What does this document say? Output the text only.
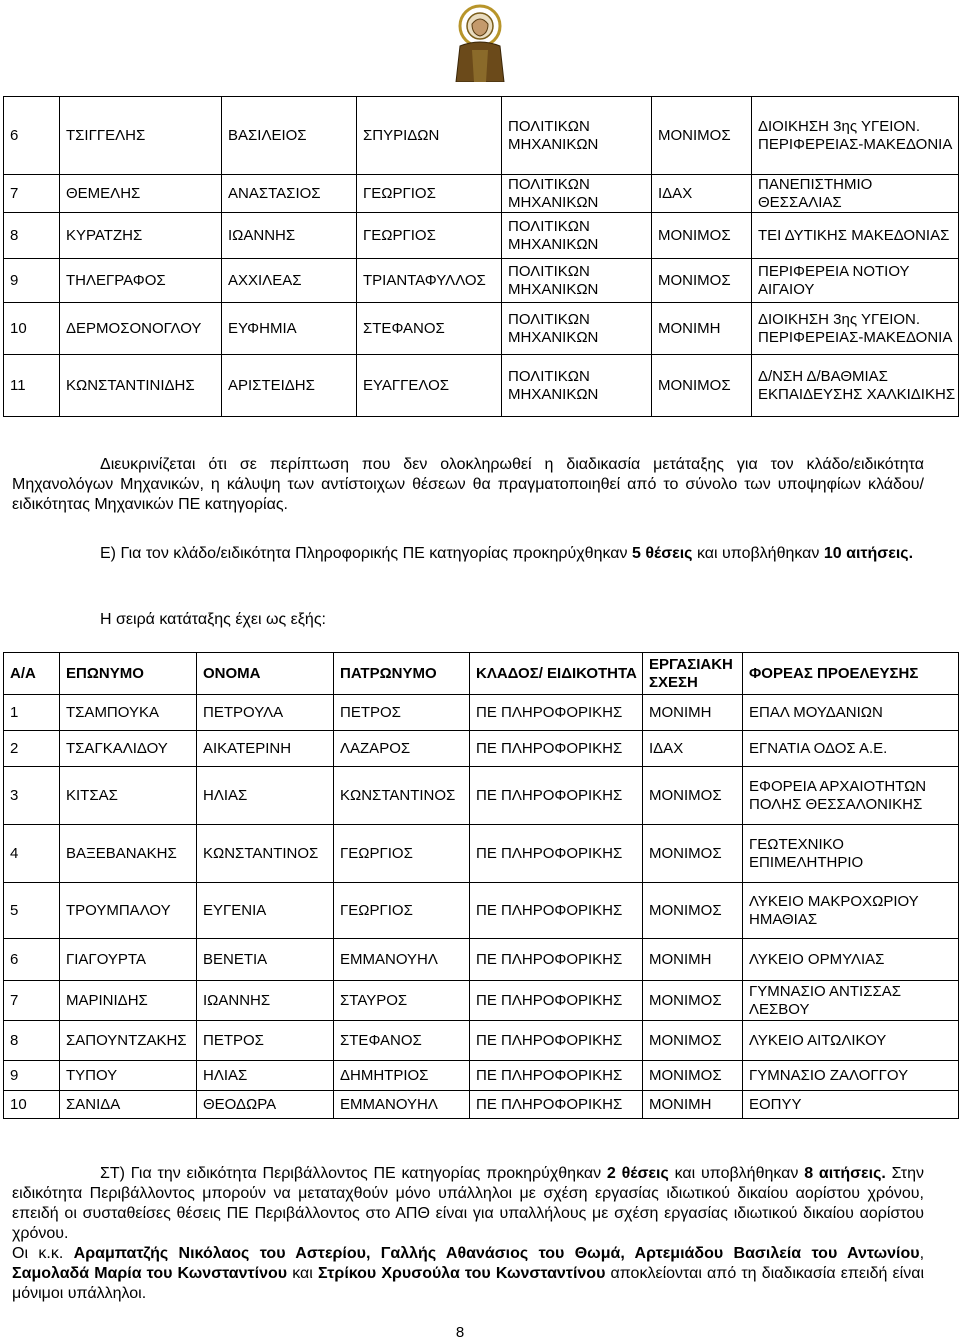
6	ΤΣΙΓΓΕΛΗΣ	ΒΑΣΙΛΕΙΟΣ	ΣΠΥΡΙΔΩΝ	ΠΟΛΙΤΙΚΩΝ ΜΗΧΑΝΙΚΩΝ	ΜΟΝΙΜΟΣ	ΔΙΟΙΚΗΣΗ 3ης ΥΓΕΙΟΝ. ΠΕΡΙΦΕΡΕΙΑΣ-ΜΑΚΕΔΟΝΙΑ
7	ΘΕΜΕΛΗΣ	ΑΝΑΣΤΑΣΙΟΣ	ΓΕΩΡΓΙΟΣ	ΠΟΛΙΤΙΚΩΝ ΜΗΧΑΝΙΚΩΝ	ΙΔΑΧ	ΠΑΝΕΠΙΣΤΗΜΙΟ ΘΕΣΣΑΛΙΑΣ
8	ΚΥΡΑΤΖΗΣ	ΙΩΑΝΝΗΣ	ΓΕΩΡΓΙΟΣ	ΠΟΛΙΤΙΚΩΝ ΜΗΧΑΝΙΚΩΝ	ΜΟΝΙΜΟΣ	ΤΕΙ ΔΥΤΙΚΗΣ ΜΑΚΕΔΟΝΙΑΣ
9	ΤΗΛΕΓΡΑΦΟΣ	ΑΧΧΙΛΕΑΣ	ΤΡΙΑΝΤΑΦΥΛΛΟΣ	ΠΟΛΙΤΙΚΩΝ ΜΗΧΑΝΙΚΩΝ	ΜΟΝΙΜΟΣ	ΠΕΡΙΦΕΡΕΙΑ ΝΟΤΙΟΥ ΑΙΓΑΙΟΥ
10	ΔΕΡΜΟΣΟΝΟΓΛΟΥ	ΕΥΦΗΜΙΑ	ΣΤΕΦΑΝΟΣ	ΠΟΛΙΤΙΚΩΝ ΜΗΧΑΝΙΚΩΝ	ΜΟΝΙΜΗ	ΔΙΟΙΚΗΣΗ 3ης ΥΓΕΙΟΝ. ΠΕΡΙΦΕΡΕΙΑΣ-ΜΑΚΕΔΟΝΙΑ
11	ΚΩΝΣΤΑΝΤΙΝΙΔΗΣ	ΑΡΙΣΤΕΙΔΗΣ	ΕΥΑΓΓΕΛΟΣ	ΠΟΛΙΤΙΚΩΝ ΜΗΧΑΝΙΚΩΝ	ΜΟΝΙΜΟΣ	Δ/ΝΣΗ Δ/ΒΑΘΜΙΑΣ ΕΚΠΑΙΔΕΥΣΗΣ ΧΑΛΚΙΔΙΚΗΣ
Διευκρινίζεται ότι σε περίπτωση που δεν ολοκληρωθεί η διαδικασία μετάταξης για τον κλάδο/ειδικότητα Μηχανολόγων Μηχανικών, η κάλυψη των αντίστοιχων θέσεων θα πραγματοποιηθεί από το σύνολο των υποψηφίων κλάδου/ειδικότητας Μηχανικών ΠΕ κατηγορίας.
Ε) Για τον κλάδο/ειδικότητα Πληροφορικής ΠΕ κατηγορίας προκηρύχθηκαν 5 θέσεις και υποβλήθηκαν 10 αιτήσεις.
Η σειρά κατάταξης έχει ως εξής:
Α/Α	ΕΠΩΝΥΜΟ	ΟΝΟΜΑ	ΠΑΤΡΩΝΥΜΟ	ΚΛΑΔΟΣ/ ΕΙΔΙΚΟΤΗΤΑ	ΕΡΓΑΣΙΑΚΗ ΣΧΕΣΗ	ΦΟΡΕΑΣ ΠΡΟΕΛΕΥΣΗΣ
1	ΤΣΑΜΠΟΥΚΑ	ΠΕΤΡΟΥΛΑ	ΠΕΤΡΟΣ	ΠΕ ΠΛΗΡΟΦΟΡΙΚΗΣ	ΜΟΝΙΜΗ	ΕΠΑΛ ΜΟΥΔΑΝΙΩΝ
2	ΤΣΑΓΚΑΛΙΔΟΥ	ΑΙΚΑΤΕΡΙΝΗ	ΛΑΖΑΡΟΣ	ΠΕ ΠΛΗΡΟΦΟΡΙΚΗΣ	ΙΔΑΧ	ΕΓΝΑΤΙΑ ΟΔΟΣ Α.Ε.
3	ΚΙΤΣΑΣ	ΗΛΙΑΣ	ΚΩΝΣΤΑΝΤΙΝΟΣ	ΠΕ ΠΛΗΡΟΦΟΡΙΚΗΣ	ΜΟΝΙΜΟΣ	ΕΦΟΡΕΙΑ ΑΡΧΑΙΟΤΗΤΩΝ ΠΟΛΗΣ ΘΕΣΣΑΛΟΝΙΚΗΣ
4	ΒΑΞΕΒΑΝΑΚΗΣ	ΚΩΝΣΤΑΝΤΙΝΟΣ	ΓΕΩΡΓΙΟΣ	ΠΕ ΠΛΗΡΟΦΟΡΙΚΗΣ	ΜΟΝΙΜΟΣ	ΓΕΩΤΕΧΝΙΚΟ ΕΠΙΜΕΛΗΤΗΡΙΟ
5	ΤΡΟΥΜΠΑΛΟΥ	ΕΥΓΕΝΙΑ	ΓΕΩΡΓΙΟΣ	ΠΕ ΠΛΗΡΟΦΟΡΙΚΗΣ	ΜΟΝΙΜΟΣ	ΛΥΚΕΙΟ ΜΑΚΡΟΧΩΡΙΟΥ ΗΜΑΘΙΑΣ
6	ΓΙΑΓΟΥΡΤΑ	ΒΕΝΕΤΙΑ	ΕΜΜΑΝΟΥΗΛ	ΠΕ ΠΛΗΡΟΦΟΡΙΚΗΣ	ΜΟΝΙΜΗ	ΛΥΚΕΙΟ ΟΡΜΥΛΙΑΣ
7	ΜΑΡΙΝΙΔΗΣ	ΙΩΑΝΝΗΣ	ΣΤΑΥΡΟΣ	ΠΕ ΠΛΗΡΟΦΟΡΙΚΗΣ	ΜΟΝΙΜΟΣ	ΓΥΜΝΑΣΙΟ ΑΝΤΙΣΣΑΣ ΛΕΣΒΟΥ
8	ΣΑΠΟΥΝΤΖΑΚΗΣ	ΠΕΤΡΟΣ	ΣΤΕΦΑΝΟΣ	ΠΕ ΠΛΗΡΟΦΟΡΙΚΗΣ	ΜΟΝΙΜΟΣ	ΛΥΚΕΙΟ ΑΙΤΩΛΙΚΟΥ
9	ΤΥΠΟΥ	ΗΛΙΑΣ	ΔΗΜΗΤΡΙΟΣ	ΠΕ ΠΛΗΡΟΦΟΡΙΚΗΣ	ΜΟΝΙΜΟΣ	ΓΥΜΝΑΣΙΟ ΖΑΛΟΓΓΟΥ
10	ΣΑΝΙΔΑ	ΘΕΟΔΩΡΑ	ΕΜΜΑΝΟΥΗΛ	ΠΕ ΠΛΗΡΟΦΟΡΙΚΗΣ	ΜΟΝΙΜΗ	ΕΟΠΥΥ
ΣΤ) Για την ειδικότητα Περιβάλλοντος ΠΕ κατηγορίας προκηρύχθηκαν 2 θέσεις και υποβλήθηκαν 8 αιτήσεις. Στην ειδικότητα Περιβάλλοντος μπορούν να μεταταχθούν μόνο υπάλληλοι με σχέση εργασίας ιδιωτικού δικαίου αορίστου χρόνου, επειδή οι συσταθείσες θέσεις ΠΕ Περιβάλλοντος στο ΑΠΘ είναι για υπαλλήλους με σχέση εργασίας ιδιωτικού δικαίου αορίστου χρόνου.
Οι κ.κ. Αραμπατζής Νικόλαος του Αστερίου, Γαλλής Αθανάσιος του Θωμά, Αρτεμιάδου Βασιλεία του Αντωνίου, Σαμολαδά Μαρία του Κωνσταντίνου και Στρίκου Χρυσούλα του Κωνσταντίνου αποκλείονται από τη διαδικασία επειδή είναι μόνιμοι υπάλληλοι.
8
